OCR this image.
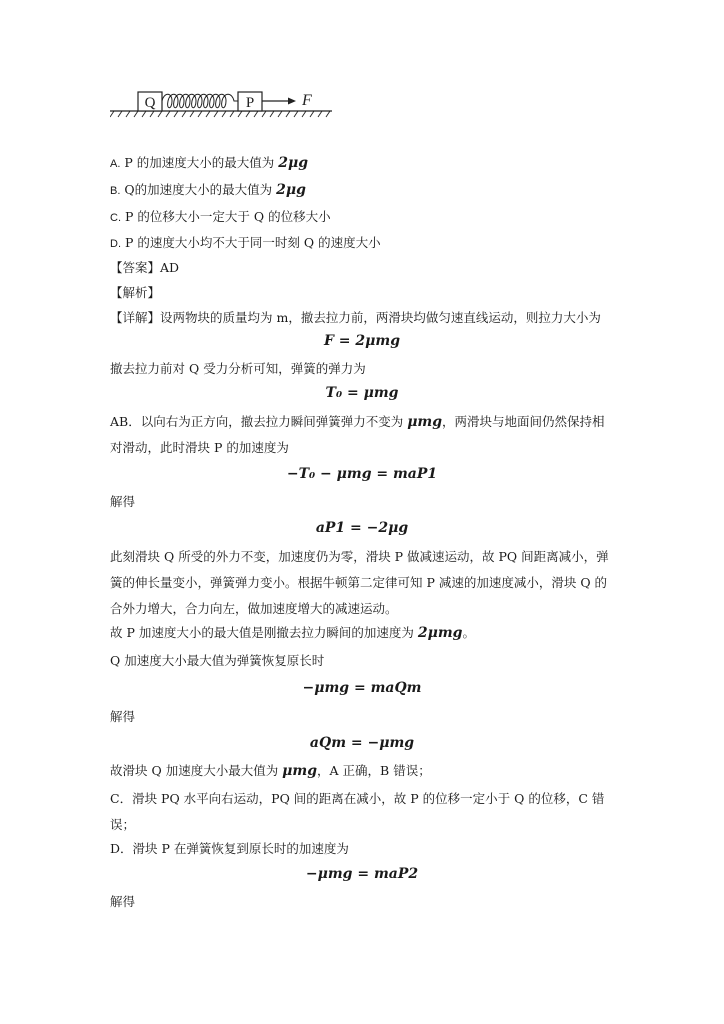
Q	P	F
A. P 的加速度大小的最大值为 2μg
B. Q的加速度大小的最大值为 2μg
C. P 的位移大小一定大于 Q 的位移大小
D. P 的速度大小均不大于同一时刻 Q 的速度大小
【答案】AD
【解析】
【详解】设两物块的质量均为 m，撤去拉力前，两滑块均做匀速直线运动，则拉力大小为
F = 2μmg
撤去拉力前对 Q 受力分析可知，弹簧的弹力为
T₀ = μmg
AB．以向右为正方向，撤去拉力瞬间弹簧弹力不变为 μmg，两滑块与地面间仍然保持相
对滑动，此时滑块 P 的加速度为
−T₀ − μmg = maP1
解得
aP1 = −2μg
此刻滑块 Q 所受的外力不变，加速度仍为零，滑块 P 做减速运动，故 PQ 间距离减小，弹
簧的伸长量变小，弹簧弹力变小。根据牛顿第二定律可知 P 减速的加速度减小，滑块 Q 的
合外力增大，合力向左，做加速度增大的减速运动。
故 P 加速度大小的最大值是刚撤去拉力瞬间的加速度为 2μmg。
Q 加速度大小最大值为弹簧恢复原长时
−μmg = maQm
解得
aQm = −μmg
故滑块 Q 加速度大小最大值为 μmg，A 正确，B 错误；
C．滑块 PQ 水平向右运动，PQ 间的距离在减小，故 P 的位移一定小于 Q 的位移，C 错
误；
D．滑块 P 在弹簧恢复到原长时的加速度为
−μmg = maP2
解得
